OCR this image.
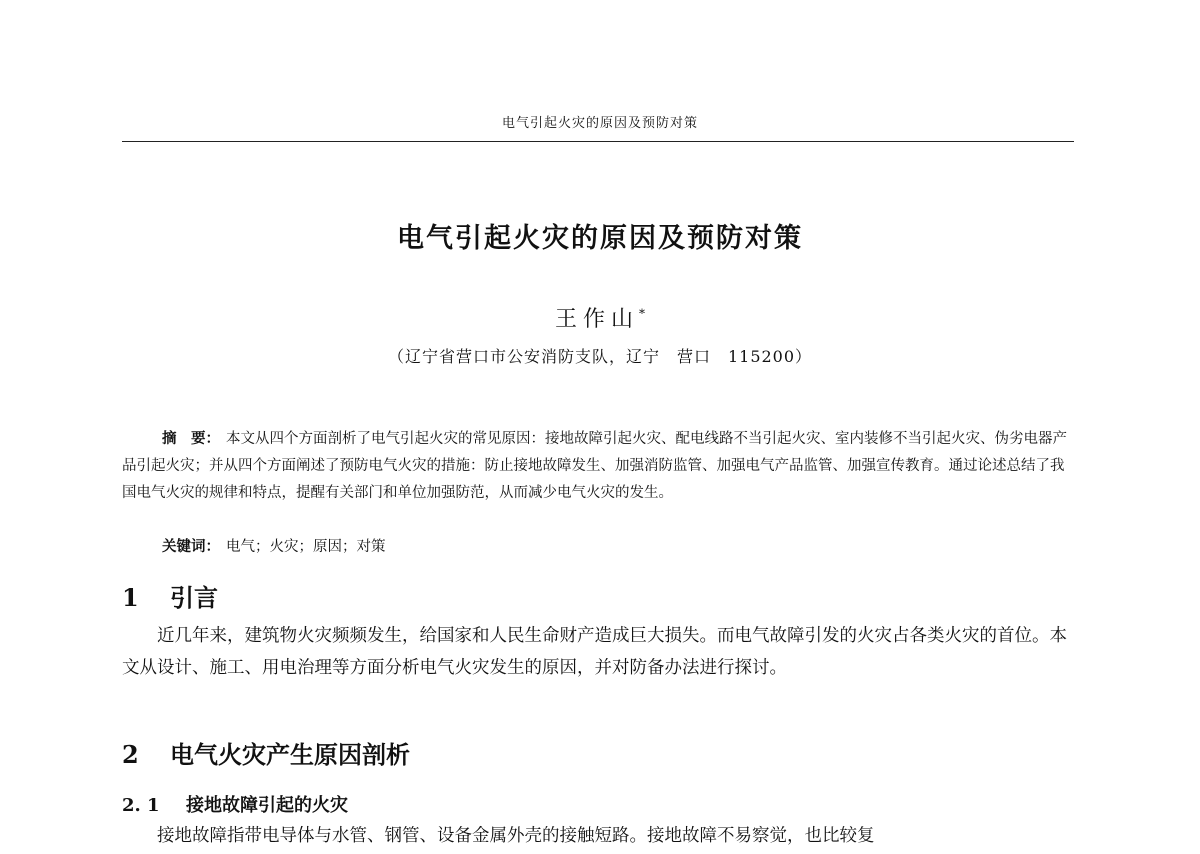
电气引起火灾的原因及预防对策
电气引起火灾的原因及预防对策
王作山*
（辽宁省营口市公安消防支队，辽宁　营口　115200）

摘　要： 本文从四个方面剖析了电气引起火灾的常见原因：接地故障引起火灾、配电线路不当引起火灾、室内装修不当引起火灾、伪劣电器产品引起火灾；并从四个方面阐述了预防电气火灾的措施：防止接地故障发生、加强消防监管、加强电气产品监管、加强宣传教育。通过论述总结了我国电气火灾的规律和特点，提醒有关部门和单位加强防范，从而减少电气火灾的发生。

关键词： 电气；火灾；原因；对策
1 引言

近几年来，建筑物火灾频频发生，给国家和人民生命财产造成巨大损失。而电气故障引发的火灾占各类火灾的首位。本文从设计、施工、用电治理等方面分析电气火灾发生的原因，并对防备办法进行探讨。

2 电气火灾产生原因剖析
2. 1 接地故障引起的火灾

接地故障指带电导体与水管、钢管、设备金属外壳的接触短路。接地故障不易察觉，也比较复
